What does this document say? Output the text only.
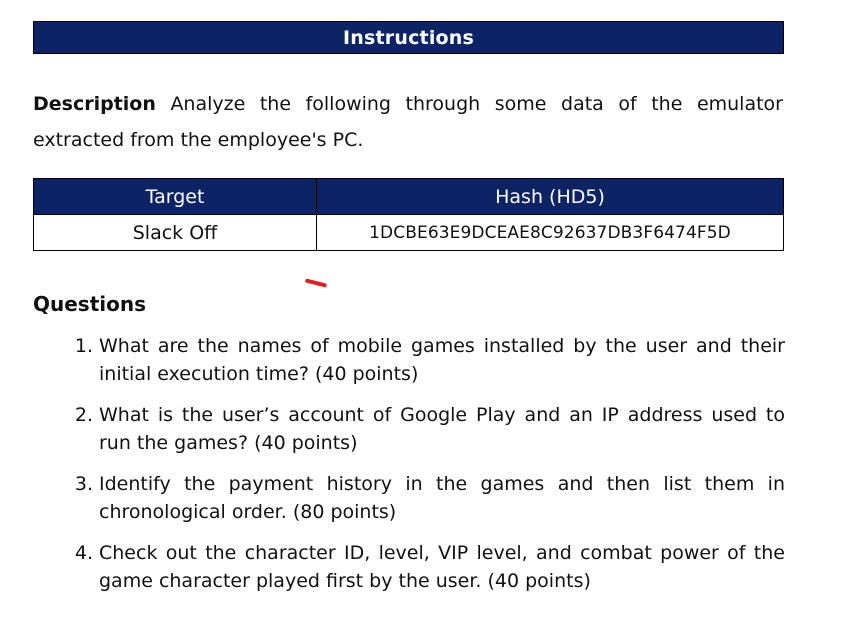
Instructions
Description Analyze the following through some data of the emulator extracted from the employee's PC.
Target	Hash (HD5)
Slack Off	1DCBE63E9DCEAE8C92637DB3F6474F5D
Questions
1. What are the names of mobile games installed by the user and their initial execution time? (40 points)
2. What is the user’s account of Google Play and an IP address used to run the games? (40 points)
3. Identify the payment history in the games and then list them in chronological order. (80 points)
4. Check out the character ID, level, VIP level, and combat power of the game character played first by the user. (40 points)
